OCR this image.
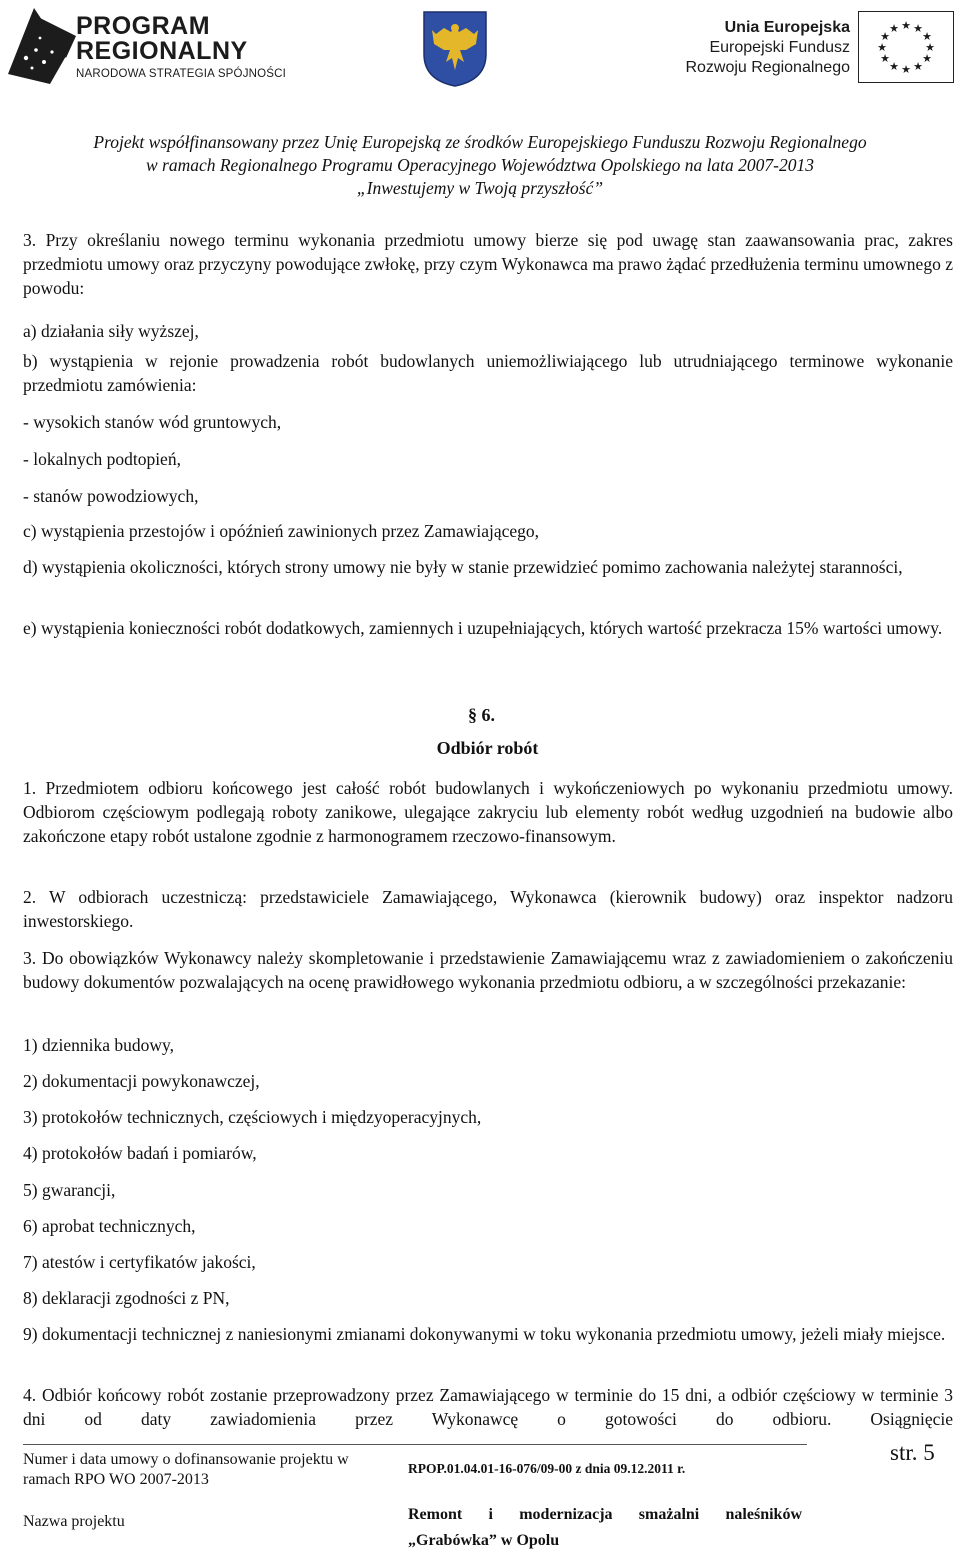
PROGRAM
REGIONALNY
NARODOWA STRATEGIA SPÓJNOŚCI
Unia Europejska
Europejski Fundusz
Rozwoju Regionalnego
★ ★
★
★
★
★
★
★
★
★
★
★
Projekt współfinansowany przez Unię Europejską ze środków Europejskiego Funduszu Rozwoju Regionalnego
w ramach Regionalnego Programu Operacyjnego Województwa Opolskiego na lata 2007-2013
„Inwestujemy w Twoją przyszłość”

3. Przy określaniu nowego terminu wykonania przedmiotu umowy bierze się pod uwagę stan zaawansowania prac, zakres przedmiotu umowy oraz przyczyny powodujące zwłokę, przy czym Wykonawca ma prawo żądać przedłużenia terminu umownego z powodu:

a) działania siły wyższej,

b) wystąpienia w rejonie prowadzenia robót budowlanych uniemożliwiającego lub utrudniającego terminowe wykonanie przedmiotu zamówienia:

- wysokich stanów wód gruntowych,

- lokalnych podtopień,

- stanów powodziowych,

c) wystąpienia przestojów i opóźnień zawinionych przez Zamawiającego,

d) wystąpienia okoliczności, których strony umowy nie były w stanie przewidzieć pomimo zachowania należytej staranności,

e) wystąpienia konieczności robót dodatkowych, zamiennych i uzupełniających, których wartość przekracza 15% wartości umowy.

§ 6.
Odbiór robót

1. Przedmiotem odbioru końcowego jest całość robót budowlanych i wykończeniowych po wykonaniu przedmiotu umowy. Odbiorom częściowym podlegają roboty zanikowe, ulegające zakryciu lub elementy robót według uzgodnień na budowie albo zakończone etapy robót ustalone zgodnie z harmonogramem rzeczowo-finansowym.

2. W odbiorach uczestniczą: przedstawiciele Zamawiającego, Wykonawca (kierownik budowy) oraz inspektor nadzoru inwestorskiego.

3. Do obowiązków Wykonawcy należy skompletowanie i przedstawienie Zamawiającemu wraz z zawiadomieniem o zakończeniu budowy dokumentów pozwalających na ocenę prawidłowego wykonania przedmiotu odbioru, a w szczególności przekazanie:

1) dziennika budowy,

2) dokumentacji powykonawczej,

3) protokołów technicznych, częściowych i międzyoperacyjnych,

4) protokołów badań i pomiarów,

5) gwarancji,

6) aprobat technicznych,

7) atestów i certyfikatów jakości,

8) deklaracji zgodności z PN,

9) dokumentacji technicznej z naniesionymi zmianami dokonywanymi w toku wykonania przedmiotu umowy, jeżeli miały miejsce.

4. Odbiór końcowy robót zostanie przeprowadzony przez Zamawiającego w terminie do 15 dni, a odbiór częściowy w terminie 3 dni od daty zawiadomienia przez Wykonawcę o gotowości do odbioru. Osiągnięcie

Numer i data umowy o dofinansowanie projektu w ramach RPO WO 2007-2013
RPOP.01.04.01-16-076/09-00 z dnia 09.12.2011 r.
Nazwa projektu	Remont i modernizacja smażalni naleśników „Grabówka” w Opolu
str. 5
